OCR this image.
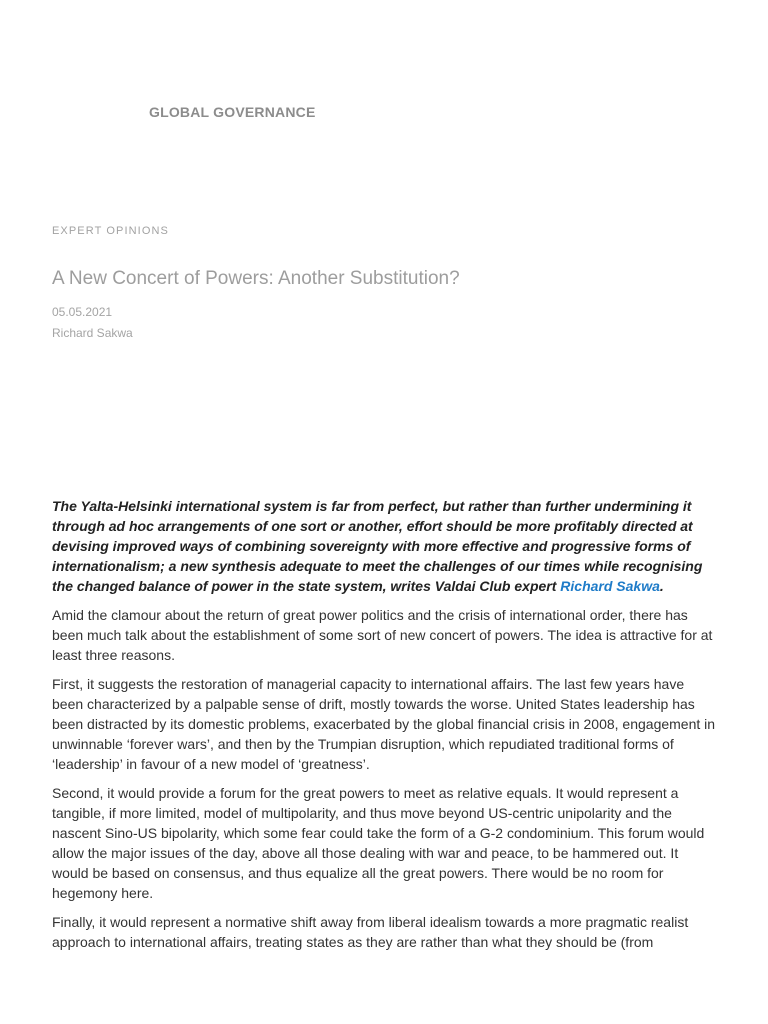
GLOBAL GOVERNANCE
EXPERT OPINIONS
A New Concert of Powers: Another Substitution?
05.05.2021
Richard Sakwa

The Yalta-Helsinki international system is far from perfect, but rather than further undermining it through ad hoc arrangements of one sort or another, effort should be more profitably directed at devising improved ways of combining sovereignty with more effective and progressive forms of internationalism; a new synthesis adequate to meet the challenges of our times while recognising the changed balance of power in the state system, writes Valdai Club expert Richard Sakwa.

Amid the clamour about the return of great power politics and the crisis of international order, there has been much talk about the establishment of some sort of new concert of powers. The idea is attractive for at least three reasons.

First, it suggests the restoration of managerial capacity to international affairs. The last few years have been characterized by a palpable sense of drift, mostly towards the worse. United States leadership has been distracted by its domestic problems, exacerbated by the global financial crisis in 2008, engagement in unwinnable ‘forever wars’, and then by the Trumpian disruption, which repudiated traditional forms of ‘leadership’ in favour of a new model of ‘greatness’.

Second, it would provide a forum for the great powers to meet as relative equals. It would represent a tangible, if more limited, model of multipolarity, and thus move beyond US-centric unipolarity and the nascent Sino-US bipolarity, which some fear could take the form of a G-2 condominium. This forum would allow the major issues of the day, above all those dealing with war and peace, to be hammered out. It would be based on consensus, and thus equalize all the great powers. There would be no room for hegemony here.

Finally, it would represent a normative shift away from liberal idealism towards a more pragmatic realist approach to international affairs, treating states as they are rather than what they should be (from
